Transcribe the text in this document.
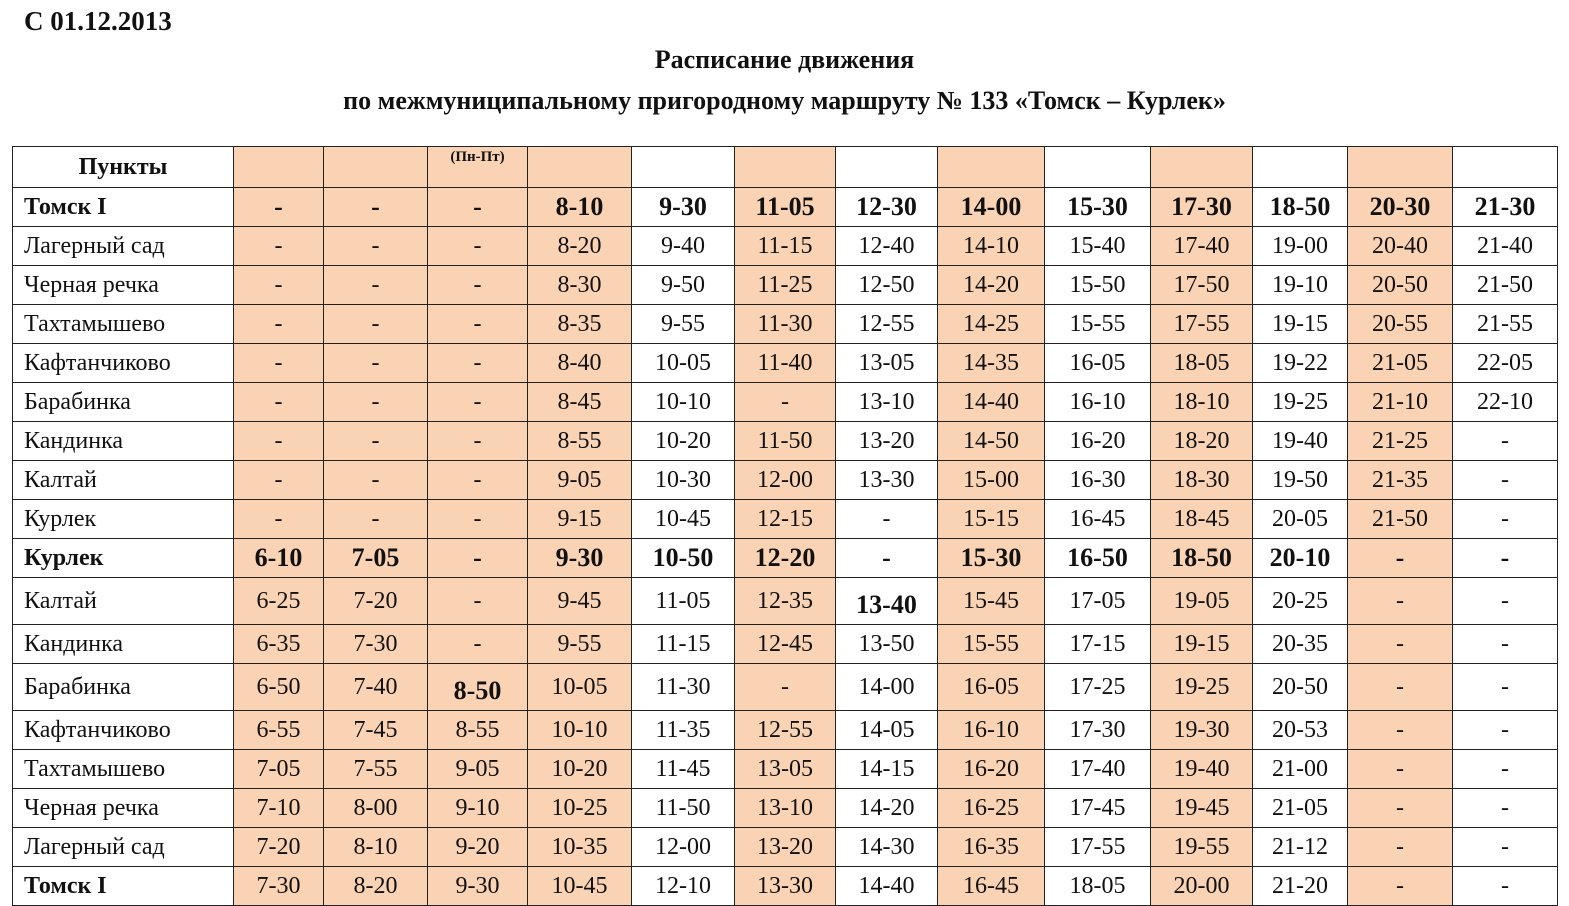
С 01.12.2013
Расписание движения
по межмуниципальному пригородному маршруту № 133 «Томск – Курлек»
Пункты			(Пн-Пт)										
Томск I	-	-	-	8-10	9-30	11-05	12-30	14-00	15-30	17-30	18-50	20-30	21-30
Лагерный сад	-	-	-	8-20	9-40	11-15	12-40	14-10	15-40	17-40	19-00	20-40	21-40
Черная речка	-	-	-	8-30	9-50	11-25	12-50	14-20	15-50	17-50	19-10	20-50	21-50
Тахтамышево	-	-	-	8-35	9-55	11-30	12-55	14-25	15-55	17-55	19-15	20-55	21-55
Кафтанчиково	-	-	-	8-40	10-05	11-40	13-05	14-35	16-05	18-05	19-22	21-05	22-05
Барабинка	-	-	-	8-45	10-10	-	13-10	14-40	16-10	18-10	19-25	21-10	22-10
Кандинка	-	-	-	8-55	10-20	11-50	13-20	14-50	16-20	18-20	19-40	21-25	-
Калтай	-	-	-	9-05	10-30	12-00	13-30	15-00	16-30	18-30	19-50	21-35	-
Курлек	-	-	-	9-15	10-45	12-15	-	15-15	16-45	18-45	20-05	21-50	-
Курлек	6-10	7-05	-	9-30	10-50	12-20	-	15-30	16-50	18-50	20-10	-	-
Калтай	6-25	7-20	-	9-45	11-05	12-35	13-40	15-45	17-05	19-05	20-25	-	-
Кандинка	6-35	7-30	-	9-55	11-15	12-45	13-50	15-55	17-15	19-15	20-35	-	-
Барабинка	6-50	7-40	8-50	10-05	11-30	-	14-00	16-05	17-25	19-25	20-50	-	-
Кафтанчиково	6-55	7-45	8-55	10-10	11-35	12-55	14-05	16-10	17-30	19-30	20-53	-	-
Тахтамышево	7-05	7-55	9-05	10-20	11-45	13-05	14-15	16-20	17-40	19-40	21-00	-	-
Черная речка	7-10	8-00	9-10	10-25	11-50	13-10	14-20	16-25	17-45	19-45	21-05	-	-
Лагерный сад	7-20	8-10	9-20	10-35	12-00	13-20	14-30	16-35	17-55	19-55	21-12	-	-
Томск I	7-30	8-20	9-30	10-45	12-10	13-30	14-40	16-45	18-05	20-00	21-20	-	-
